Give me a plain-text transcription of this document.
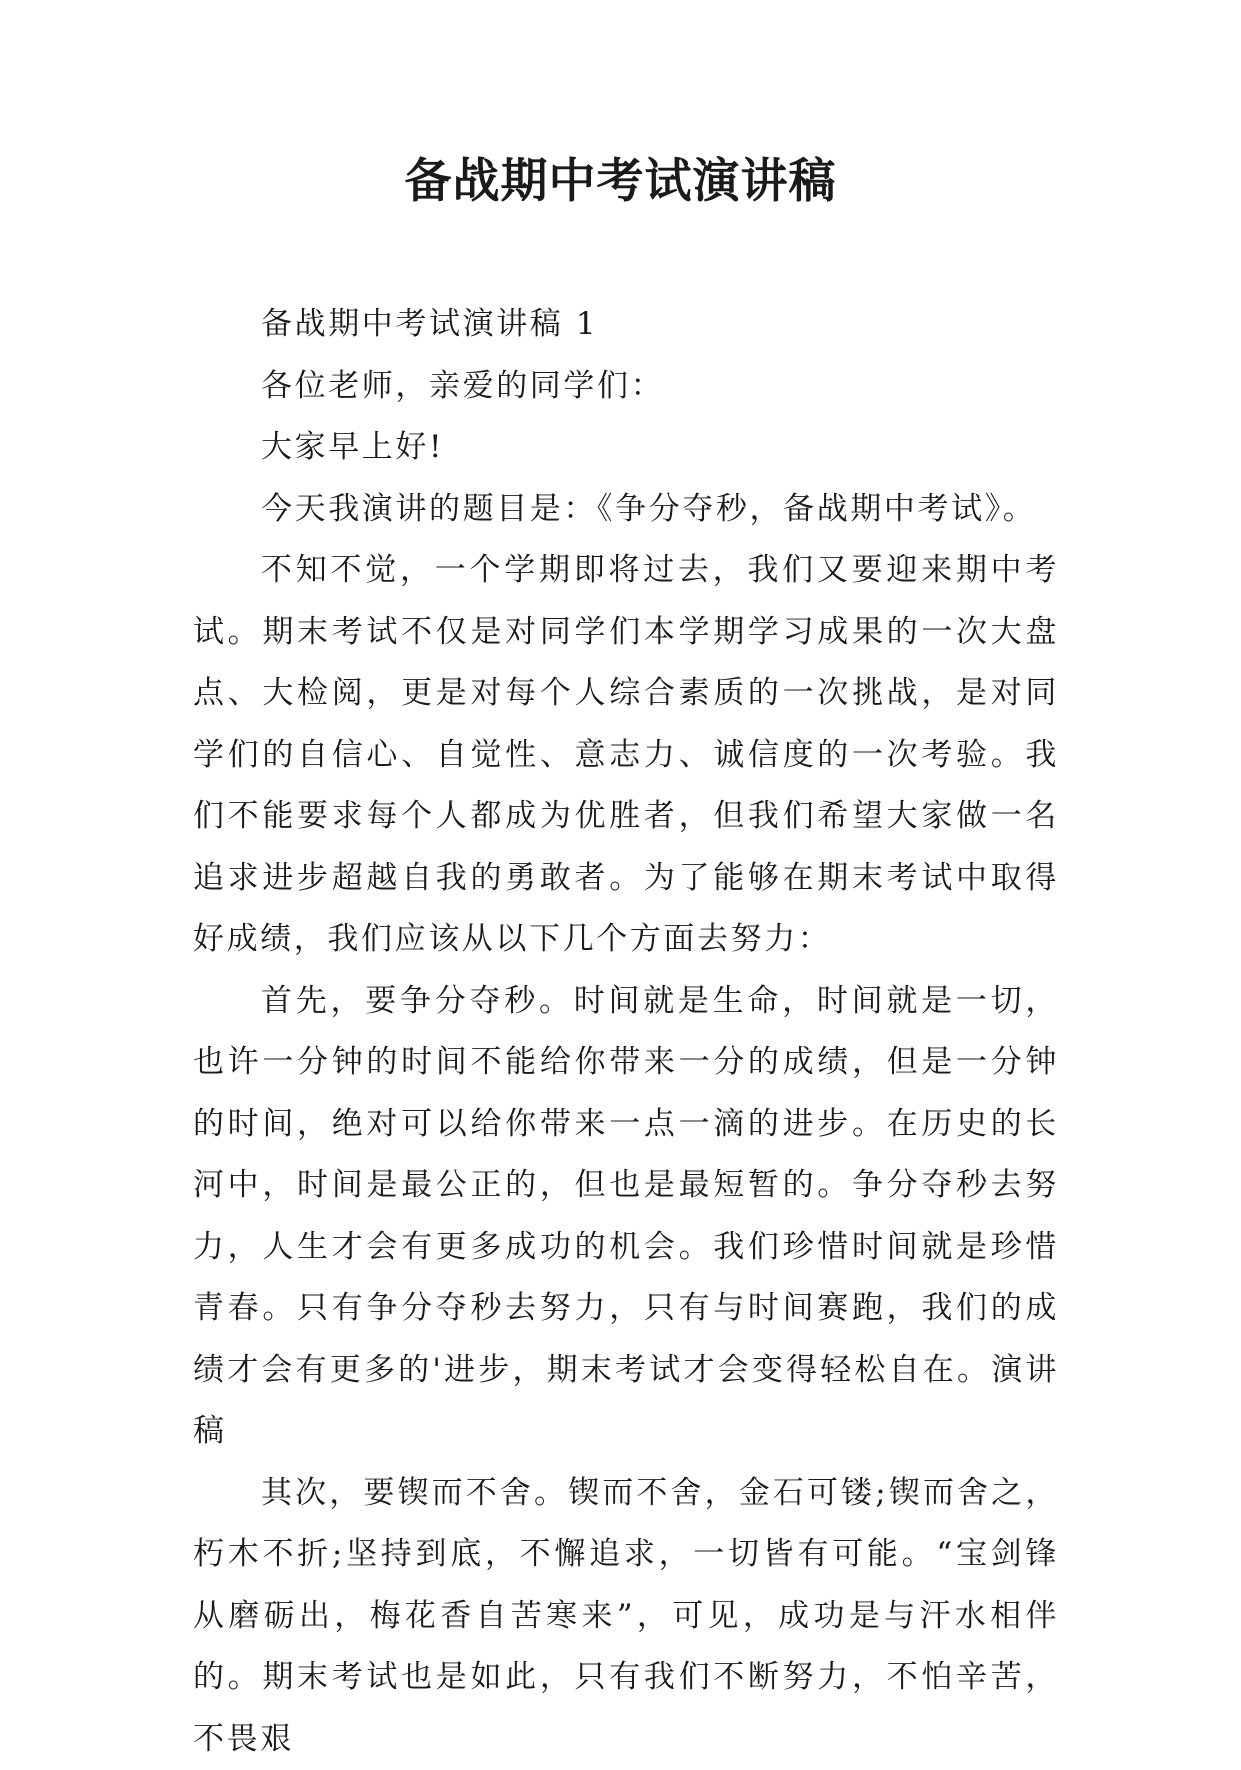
备战期中考试演讲稿

备战期中考试演讲稿 1

各位老师，亲爱的同学们：

大家早上好!

今天我演讲的题目是：《争分夺秒，备战期中考试》。

不知不觉，一个学期即将过去，我们又要迎来期中考试。期末考试不仅是对同学们本学期学习成果的一次大盘点、大检阅，更是对每个人综合素质的一次挑战，是对同学们的自信心、自觉性、意志力、诚信度的一次考验。我们不能要求每个人都成为优胜者，但我们希望大家做一名追求进步超越自我的勇敢者。为了能够在期末考试中取得好成绩，我们应该从以下几个方面去努力：

首先，要争分夺秒。时间就是生命，时间就是一切，也许一分钟的时间不能给你带来一分的成绩，但是一分钟的时间，绝对可以给你带来一点一滴的进步。在历史的长河中，时间是最公正的，但也是最短暂的。争分夺秒去努力，人生才会有更多成功的机会。我们珍惜时间就是珍惜青春。只有争分夺秒去努力，只有与时间赛跑，我们的成绩才会有更多的'进步，期末考试才会变得轻松自在。演讲稿

其次，要锲而不舍。锲而不舍，金石可镂;锲而舍之，朽木不折;坚持到底，不懈追求，一切皆有可能。“宝剑锋从磨砺出，梅花香自苦寒来”，可见，成功是与汗水相伴的。期末考试也是如此，只有我们不断努力，不怕辛苦，不畏艰
